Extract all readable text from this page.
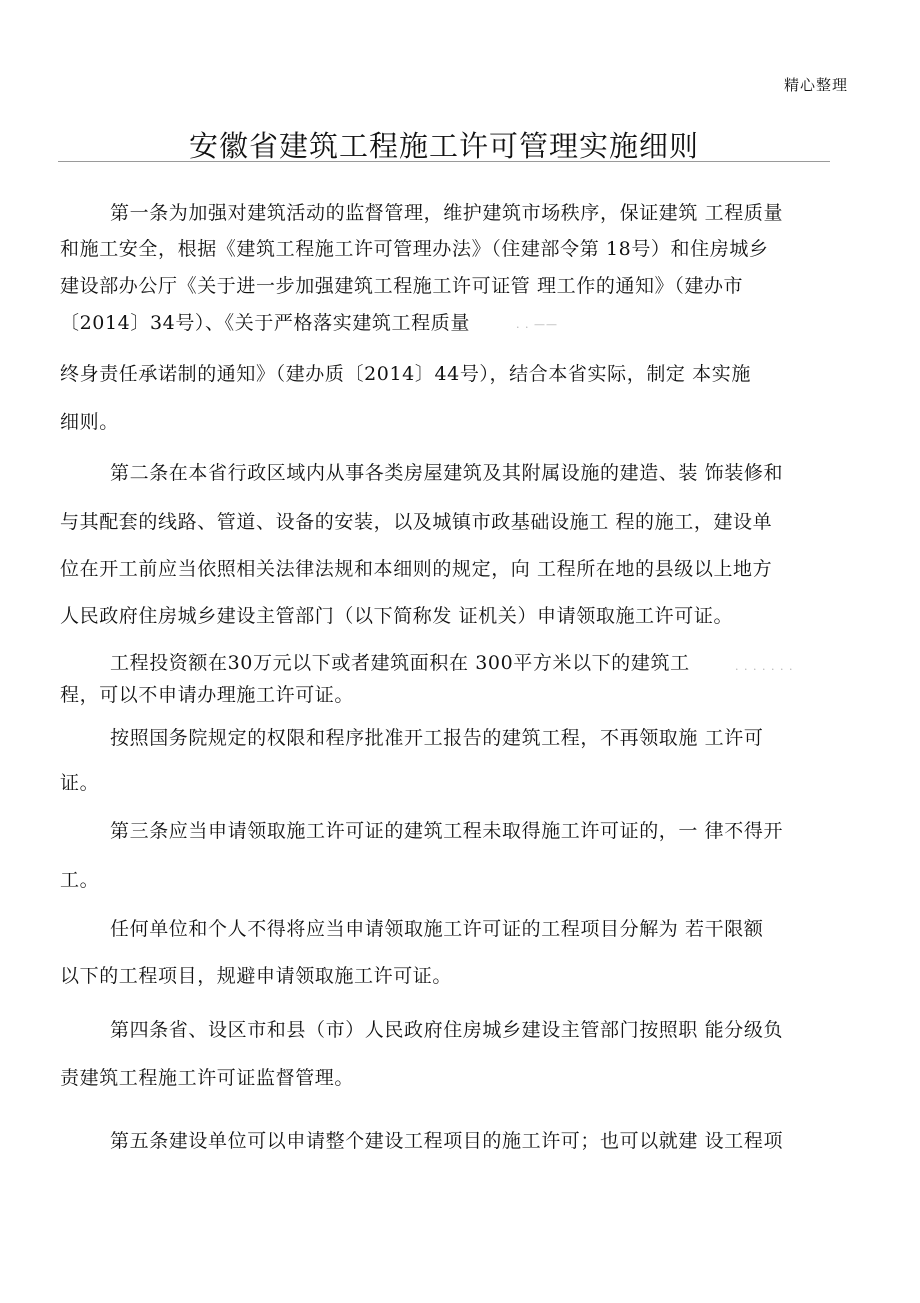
精心整理
安徽省建筑工程施工许可管理实施细则
第一条为加强对建筑活动的监督管理，维护建筑市场秩序，保证建筑 工程质量
和施工安全，根据《建筑工程施工许可管理办法》（住建部令第 18号）和住房城乡
建设部办公厅《关于进一步加强建筑工程施工许可证管 理工作的通知》（建办市
〔2014〕34号）、《关于严格落实建筑工程质量	. . ——
终身责任承诺制的通知》（建办质〔2014〕44号），结合本省实际，制定 本实施
细则。
第二条在本省行政区域内从事各类房屋建筑及其附属设施的建造、装 饰装修和
与其配套的线路、管道、设备的安装，以及城镇市政基础设施工 程的施工，建设单
位在开工前应当依照相关法律法规和本细则的规定，向 工程所在地的县级以上地方
人民政府住房城乡建设主管部门（以下简称发 证机关）申请领取施工许可证。
工程投资额在30万元以下或者建筑面积在 300平方米以下的建筑工	. . . . . . .
程，可以不申请办理施工许可证。
按照国务院规定的权限和程序批准开工报告的建筑工程，不再领取施 工许可
证。
第三条应当申请领取施工许可证的建筑工程未取得施工许可证的，一 律不得开
工。
任何单位和个人不得将应当申请领取施工许可证的工程项目分解为 若干限额
以下的工程项目，规避申请领取施工许可证。
第四条省、设区市和县（市）人民政府住房城乡建设主管部门按照职 能分级负
责建筑工程施工许可证监督管理。
第五条建设单位可以申请整个建设工程项目的施工许可；也可以就建 设工程项
